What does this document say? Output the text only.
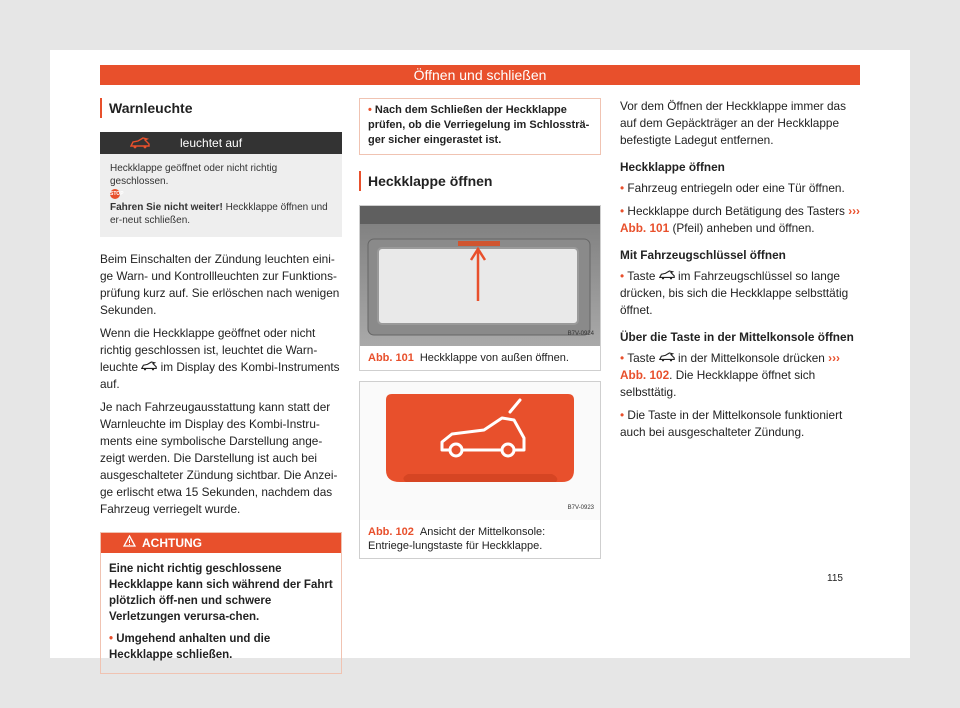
Öffnen und schließen
Warnleuchte
leuchtet auf
Heckklappe geöffnet oder nicht richtig geschlossen.
STOP
Fahren Sie nicht weiter! Heckklappe öffnen und er-neut schließen.

Beim Einschalten der Zündung leuchten eini-ge Warn- und Kontrollleuchten zur Funktions-prüfung kurz auf. Sie erlöschen nach wenigen Sekunden.

Wenn die Heckklappe geöffnet oder nicht richtig geschlossen ist, leuchtet die Warn-leuchte  im Display des Kombi-Instruments auf.

Je nach Fahrzeugausstattung kann statt der Warnleuchte im Display des Kombi-Instru-ments eine symbolische Darstellung ange-zeigt werden. Die Darstellung ist auch bei ausgeschalteter Zündung sichtbar. Die Anzei-ge erlischt etwa 15 Sekunden, nachdem das Fahrzeug verriegelt wurde.

ACHTUNG

Eine nicht richtig geschlossene Heckklappe kann sich während der Fahrt plötzlich öff-nen und schwere Verletzungen verursa-chen.

• Umgehend anhalten und die Heckklappe schließen.

• Nach dem Schließen der Heckklappe prüfen, ob die Verriegelung im Schlossträ-ger sicher eingerastet ist.
Heckklappe öffnen
B7V-0924
Abb. 101 Heckklappe von außen öffnen.
B7V-0923
Abb. 102 Ansicht der Mittelkonsole: Entriege-lungstaste für Heckklappe.

Vor dem Öffnen der Heckklappe immer das auf dem Gepäckträger an der Heckklappe befestigte Ladegut entfernen.

Heckklappe öffnen

• Fahrzeug entriegeln oder eine Tür öffnen.

• Heckklappe durch Betätigung des Tasters ››› Abb. 101 (Pfeil) anheben und öffnen.

Mit Fahrzeugschlüssel öffnen

• Taste  im Fahrzeugschlüssel so lange drücken, bis sich die Heckklappe selbsttätig öffnet.

Über die Taste in der Mittelkonsole öffnen

• Taste  in der Mittelkonsole drücken ››› Abb. 102. Die Heckklappe öffnet sich selbsttätig.

• Die Taste in der Mittelkonsole funktioniert auch bei ausgeschalteter Zündung.

115
